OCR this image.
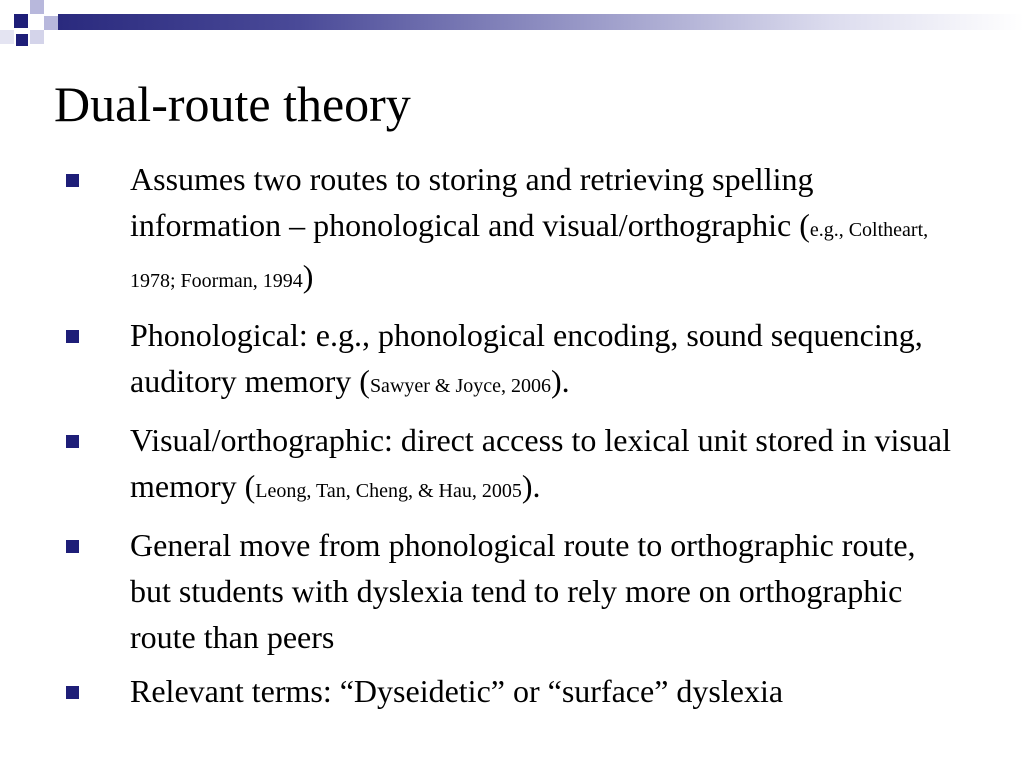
Dual-route theory
Assumes two routes to storing and retrieving spelling information – phonological and visual/orthographic (e.g., Coltheart, 1978; Foorman, 1994)
Phonological: e.g., phonological encoding, sound sequencing, auditory memory (Sawyer & Joyce, 2006).
Visual/orthographic: direct access to lexical unit stored in visual memory (Leong, Tan, Cheng, & Hau, 2005).
General move from phonological route to orthographic route, but students with dyslexia tend to rely more on orthographic route than peers
Relevant terms: “Dyseidetic” or “surface” dyslexia
